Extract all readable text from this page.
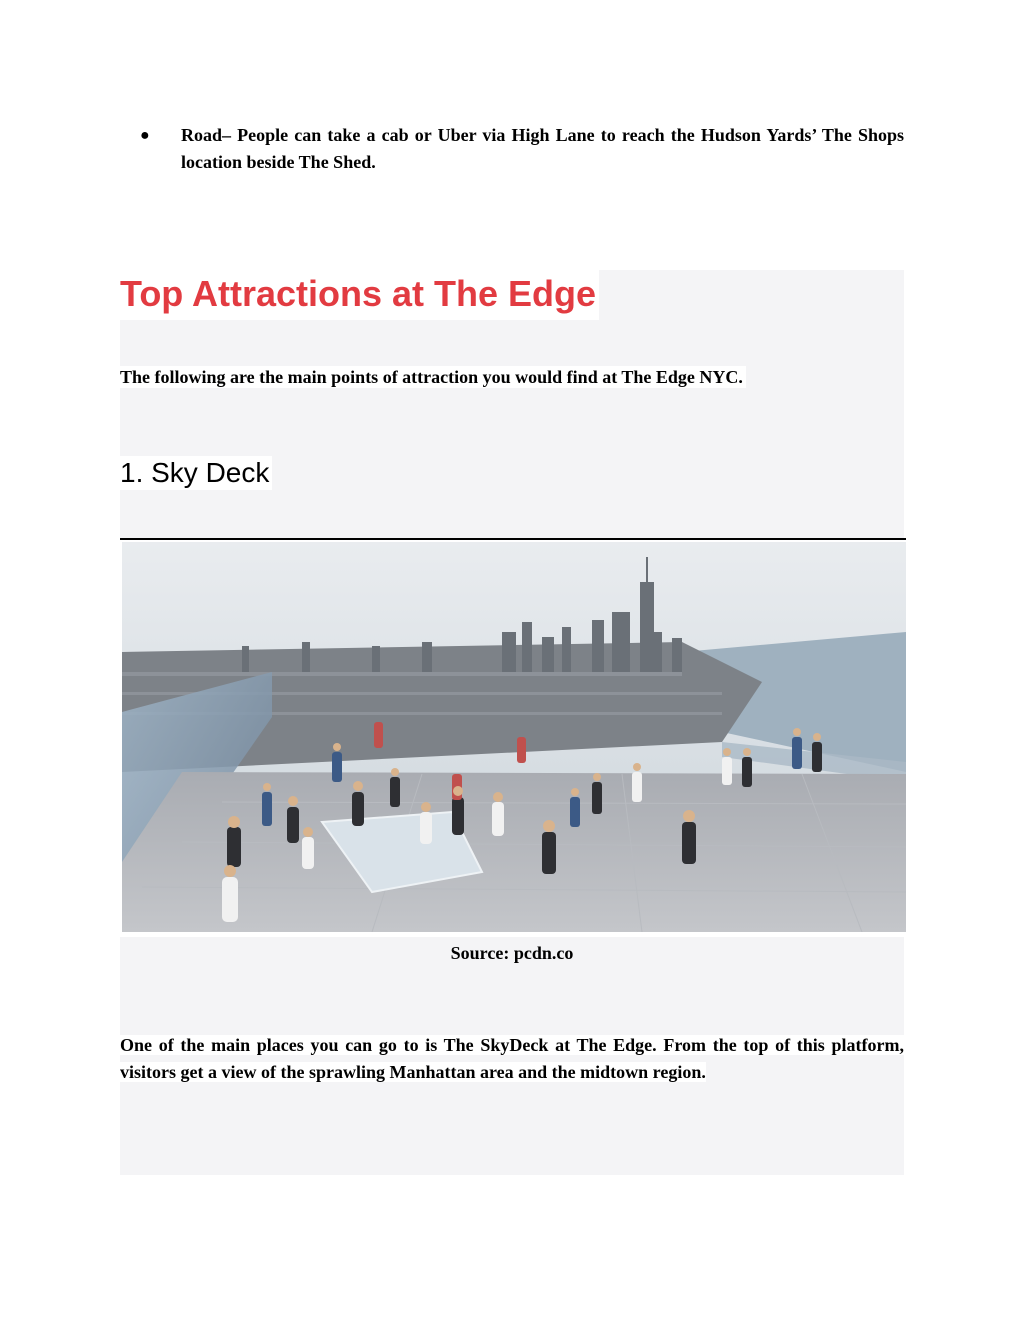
● Road– People can take a cab or Uber via High Lane to reach the Hudson Yards’ The Shops location beside The Shed.
Top Attractions at The Edge
The following are the main points of attraction you would find at The Edge NYC.
1. Sky Deck
Source: pcdn.co
One of the main places you can go to is The SkyDeck at The Edge. From the top of this platform, visitors get a view of the sprawling Manhattan area and the midtown region.
